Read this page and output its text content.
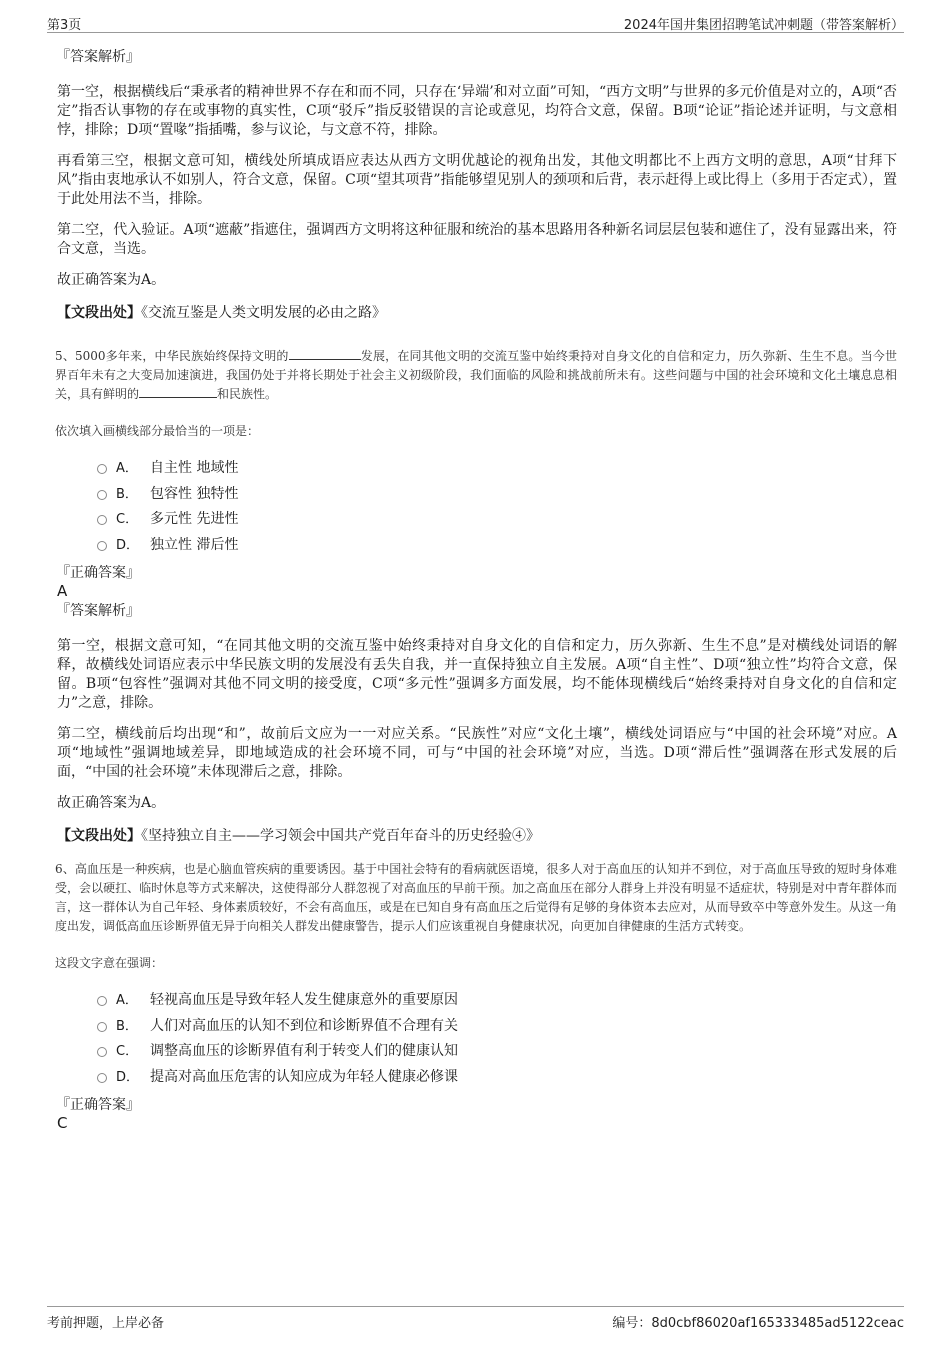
第3页	2024年国井集团招聘笔试冲刺题（带答案解析）
『答案解析』

第一空，根据横线后“秉承者的精神世界不存在和而不同，只存在‘异端’和对立面”可知，“西方文明”与世界的多元价值是对立的，A项“否定”指否认事物的存在或事物的真实性，C项“驳斥”指反驳错误的言论或意见，均符合文意，保留。B项“论证”指论述并证明，与文意相悖，排除；D项“置喙”指插嘴，参与议论，与文意不符，排除。

再看第三空，根据文意可知，横线处所填成语应表达从西方文明优越论的视角出发，其他文明都比不上西方文明的意思，A项“甘拜下风”指由衷地承认不如别人，符合文意，保留。C项“望其项背”指能够望见别人的颈项和后背，表示赶得上或比得上（多用于否定式），置于此处用法不当，排除。

第二空，代入验证。A项“遮蔽”指遮住，强调西方文明将这种征服和统治的基本思路用各种新名词层层包装和遮住了，没有显露出来，符合文意，当选。

故正确答案为A。

【文段出处】《交流互鉴是人类文明发展的必由之路》

5、5000多年来，中华民族始终保持文明的	发展，在同其他文明的交流互鉴中始终秉持对自身文化的自信和定力，历久弥新、生生不息。当今世界百年未有之大变局加速演进，我国仍处于并将长期处于社会主义初级阶段，我们面临的风险和挑战前所未有。这些问题与中国的社会环境和文化土壤息息相关，具有鲜明的	和民族性。

依次填入画横线部分最恰当的一项是：

A． 自主性 地域性
B． 包容性 独特性
C． 多元性 先进性
D． 独立性 滞后性
『正确答案』
A
『答案解析』

第一空，根据文意可知，“在同其他文明的交流互鉴中始终秉持对自身文化的自信和定力，历久弥新、生生不息”是对横线处词语的解释，故横线处词语应表示中华民族文明的发展没有丢失自我，并一直保持独立自主发展。A项“自主性”、D项“独立性”均符合文意，保留。B项“包容性”强调对其他不同文明的接受度，C项“多元性”强调多方面发展，均不能体现横线后“始终秉持对自身文化的自信和定力”之意，排除。

第二空，横线前后均出现“和”，故前后文应为一一对应关系。“民族性”对应“文化土壤”，横线处词语应与“中国的社会环境”对应。A项“地域性”强调地域差异，即地域造成的社会环境不同，可与“中国的社会环境”对应，当选。D项“滞后性”强调落在形式发展的后面，“中国的社会环境”未体现滞后之意，排除。

故正确答案为A。

【文段出处】《坚持独立自主——学习领会中国共产党百年奋斗的历史经验④》

6、高血压是一种疾病，也是心脑血管疾病的重要诱因。基于中国社会特有的看病就医语境，很多人对于高血压的认知并不到位，对于高血压导致的短时身体难受，会以硬扛、临时休息等方式来解决，这使得部分人群忽视了对高血压的早前干预。加之高血压在部分人群身上并没有明显不适症状，特别是对中青年群体而言，这一群体认为自己年轻、身体素质较好，不会有高血压，或是在已知自身有高血压之后觉得有足够的身体资本去应对，从而导致卒中等意外发生。从这一角度出发，调低高血压诊断界值无异于向相关人群发出健康警告，提示人们应该重视自身健康状况，向更加自律健康的生活方式转变。

这段文字意在强调：

A． 轻视高血压是导致年轻人发生健康意外的重要原因
B． 人们对高血压的认知不到位和诊断界值不合理有关
C． 调整高血压的诊断界值有利于转变人们的健康认知
D． 提高对高血压危害的认知应成为年轻人健康必修课
『正确答案』
C
考前押题，上岸必备	编号：8d0cbf86020af165333485ad5122ceac
